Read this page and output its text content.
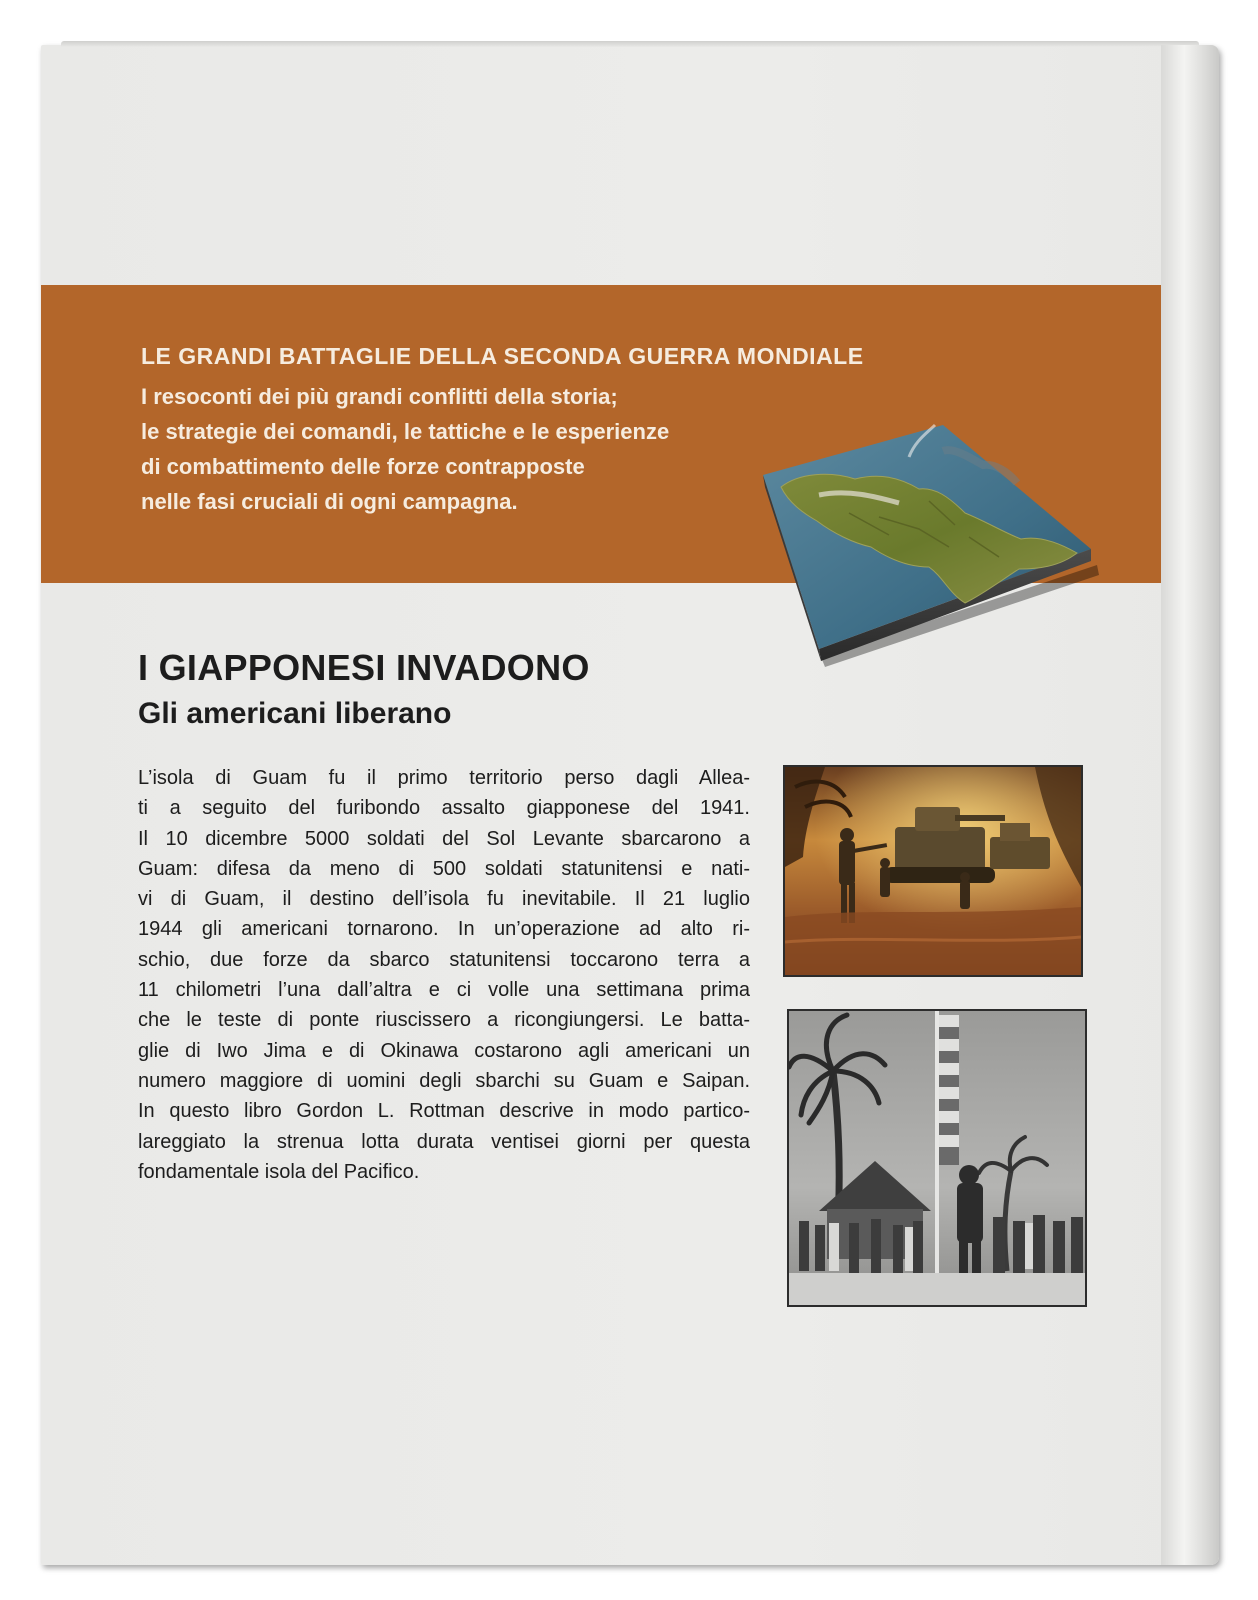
LE GRANDI BATTAGLIE DELLA SECONDA GUERRA MONDIALE
I resoconti dei più grandi conflitti della storia;
le strategie dei comandi, le tattiche e le esperienze
di combattimento delle forze contrapposte
nelle fasi cruciali di ogni campagna.
I GIAPPONESI INVADONO
Gli americani liberano
L’isola di Guam fu il primo territorio perso dagli Allea-
ti a seguito del furibondo assalto giapponese del 1941.
Il 10 dicembre 5000 soldati del Sol Levante sbarcarono a
Guam: difesa da meno di 500 soldati statunitensi e nati-
vi di Guam, il destino dell’isola fu inevitabile. Il 21 luglio
1944 gli americani tornarono. In un’operazione ad alto ri-
schio, due forze da sbarco statunitensi toccarono terra a
11 chilometri l’una dall’altra e ci volle una settimana prima
che le teste di ponte riuscissero a ricongiungersi. Le batta-
glie di Iwo Jima e di Okinawa costarono agli americani un
numero maggiore di uomini degli sbarchi su Guam e Saipan.
In questo libro Gordon L. Rottman descrive in modo partico-
lareggiato la strenua lotta durata ventisei giorni per questa
fondamentale isola del Pacifico.
